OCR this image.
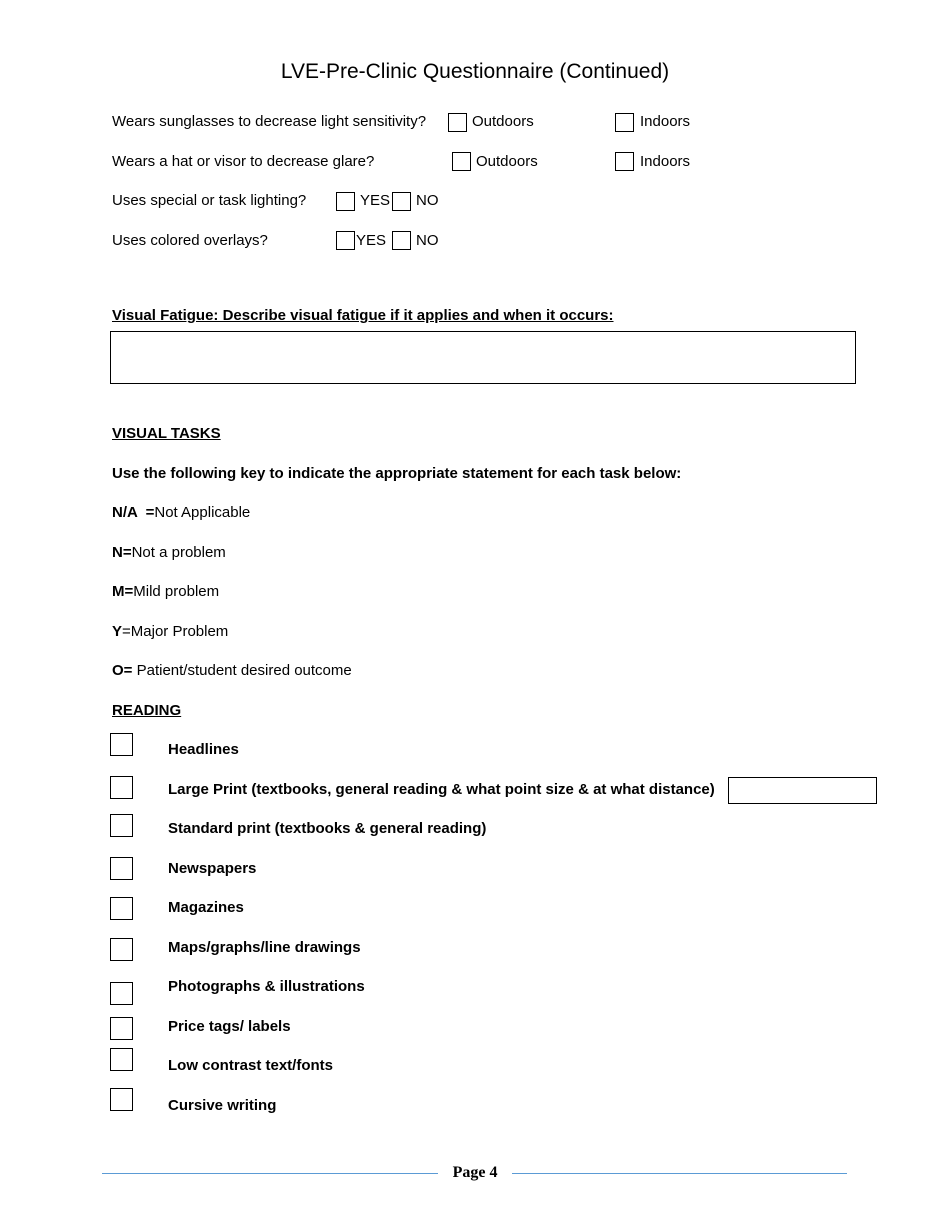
LVE-Pre-Clinic Questionnaire (Continued)
Wears sunglasses to decrease light sensitivity?	Outdoors	Indoors
Wears a hat or visor to decrease glare?	Outdoors	Indoors
Uses special or task lighting?	YES NO
Uses colored overlays?	YES NO
Visual Fatigue: Describe visual fatigue if it applies and when it occurs:
VISUAL TASKS
Use the following key to indicate the appropriate statement for each task below:
N/A  =Not Applicable
N=Not a problem
M=Mild problem
Y=Major Problem
O= Patient/student desired outcome
READING
Headlines
Large Print (textbooks, general reading & what point size & at what distance)
Standard print (textbooks & general reading)
Newspapers
Magazines
Maps/graphs/line drawings
Photographs & illustrations
Price tags/ labels
Low contrast text/fonts
Cursive writing
Page 4
